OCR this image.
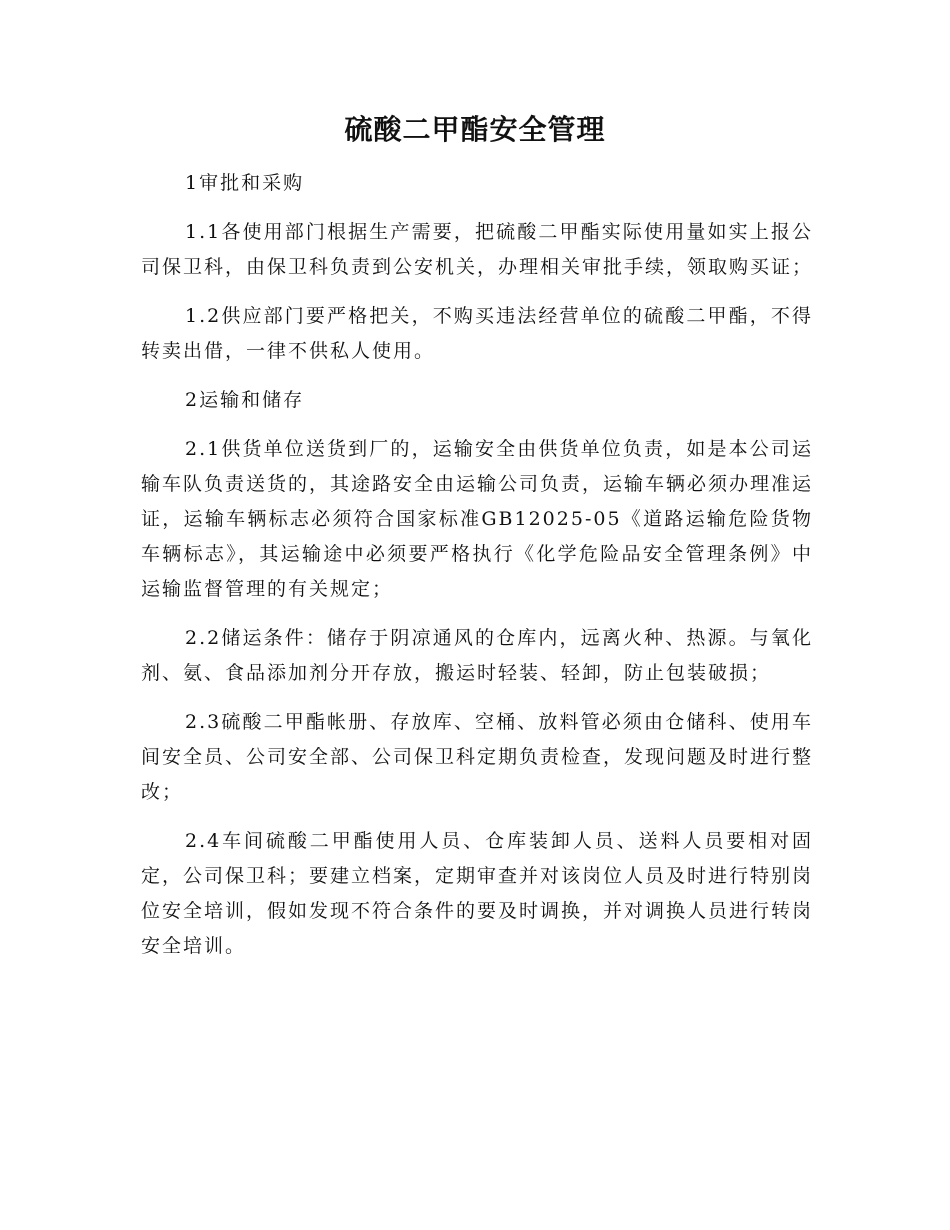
硫酸二甲酯安全管理
1审批和采购

1.1各使用部门根据生产需要，把硫酸二甲酯实际使用量如实上报公司保卫科，由保卫科负责到公安机关，办理相关审批手续，领取购买证；

1.2供应部门要严格把关，不购买违法经营单位的硫酸二甲酯，不得转卖出借，一律不供私人使用。

2运输和储存

2.1供货单位送货到厂的，运输安全由供货单位负责，如是本公司运输车队负责送货的，其途路安全由运输公司负责，运输车辆必须办理准运证，运输车辆标志必须符合国家标准GB12025-05《道路运输危险货物车辆标志》，其运输途中必须要严格执行《化学危险品安全管理条例》中运输监督管理的有关规定；

2.2储运条件：储存于阴凉通风的仓库内，远离火种、热源。与氧化剂、氨、食品添加剂分开存放，搬运时轻装、轻卸，防止包装破损；

2.3硫酸二甲酯帐册、存放库、空桶、放料管必须由仓储科、使用车间安全员、公司安全部、公司保卫科定期负责检查，发现问题及时进行整改；

2.4车间硫酸二甲酯使用人员、仓库装卸人员、送料人员要相对固定，公司保卫科；要建立档案，定期审查并对该岗位人员及时进行特别岗位安全培训，假如发现不符合条件的要及时调换，并对调换人员进行转岗安全培训。
